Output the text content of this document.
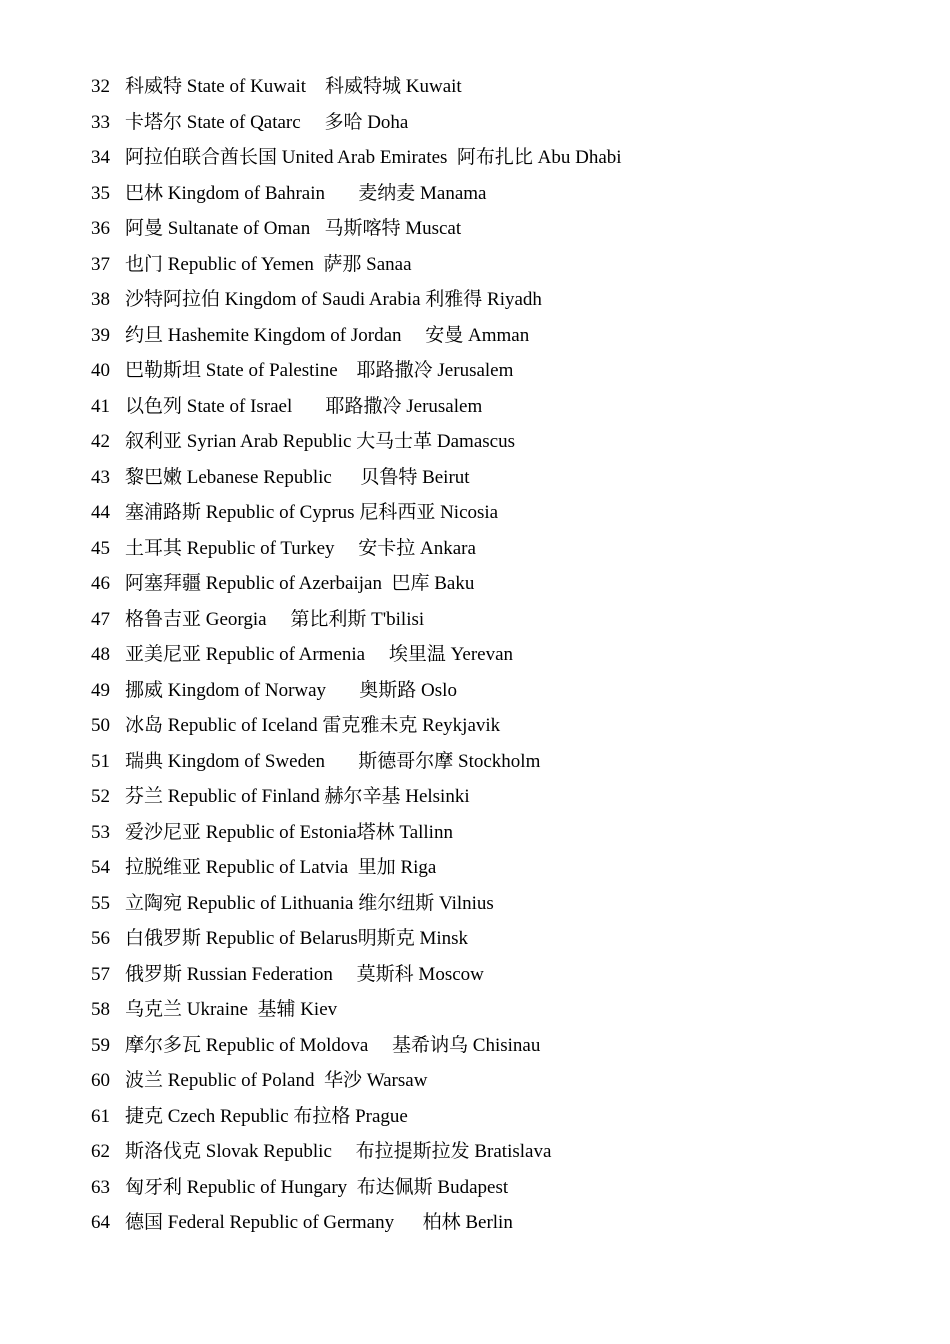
32 科威特 State of Kuwait    科威特城 Kuwait
33 卡塔尔 State of Qatarc     多哈 Doha
34 阿拉伯联合酋长国 United Arab Emirates  阿布扎比 Abu Dhabi
35 巴林 Kingdom of Bahrain       麦纳麦 Manama
36 阿曼 Sultanate of Oman   马斯喀特 Muscat
37 也门 Republic of Yemen  萨那 Sanaa
38 沙特阿拉伯 Kingdom of Saudi Arabia 利雅得 Riyadh
39 约旦 Hashemite Kingdom of Jordan     安曼 Amman
40 巴勒斯坦 State of Palestine    耶路撒冷 Jerusalem
41 以色列 State of Israel       耶路撒冷 Jerusalem
42 叙利亚 Syrian Arab Republic 大马士革 Damascus
43 黎巴嫩 Lebanese Republic      贝鲁特 Beirut
44 塞浦路斯 Republic of Cyprus 尼科西亚 Nicosia
45 土耳其 Republic of Turkey     安卡拉 Ankara
46 阿塞拜疆 Republic of Azerbaijan  巴库 Baku
47 格鲁吉亚 Georgia     第比利斯 T'bilisi
48 亚美尼亚 Republic of Armenia     埃里温 Yerevan
49 挪威 Kingdom of Norway       奥斯路 Oslo
50 冰岛 Republic of Iceland 雷克雅未克 Reykjavik
51 瑞典 Kingdom of Sweden       斯德哥尔摩 Stockholm
52 芬兰 Republic of Finland 赫尔辛基 Helsinki
53 爱沙尼亚 Republic of Estonia塔林 Tallinn
54 拉脱维亚 Republic of Latvia  里加 Riga
55 立陶宛 Republic of Lithuania 维尔纽斯 Vilnius
56 白俄罗斯 Republic of Belarus明斯克 Minsk
57 俄罗斯 Russian Federation     莫斯科 Moscow
58 乌克兰 Ukraine  基辅 Kiev
59 摩尔多瓦 Republic of Moldova     基希讷乌 Chisinau
60 波兰 Republic of Poland  华沙 Warsaw
61 捷克 Czech Republic 布拉格 Prague
62 斯洛伐克 Slovak Republic     布拉提斯拉发 Bratislava
63 匈牙利 Republic of Hungary  布达佩斯 Budapest
64 德国 Federal Republic of Germany      柏林 Berlin
